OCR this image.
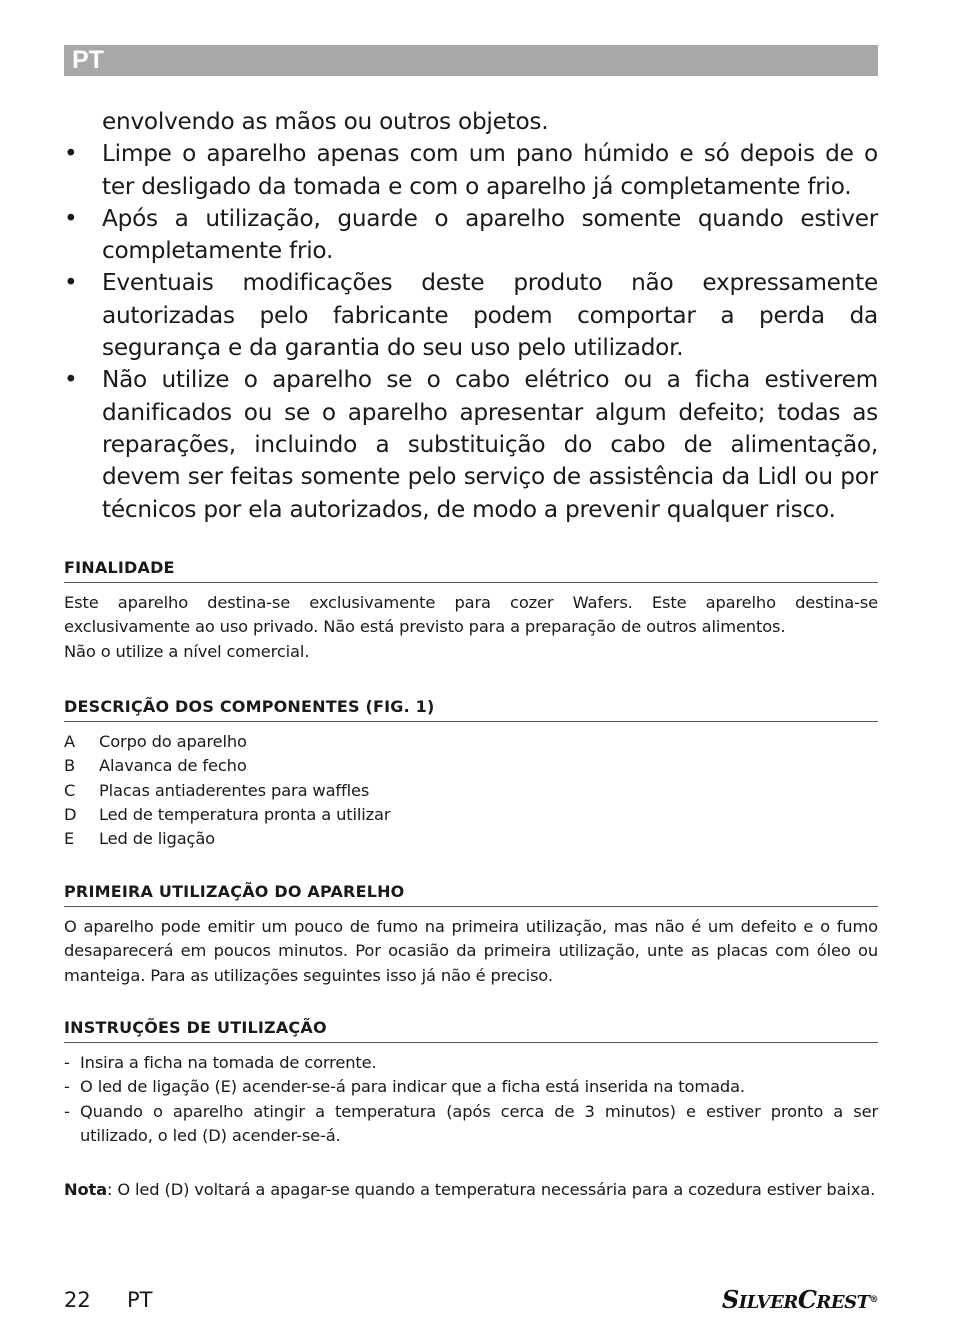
PT

envolvendo as mãos ou outros objetos.

• Limpe o aparelho apenas com um pano húmido e só depois de o ter desligado da tomada e com o aparelho já completamente frio.

• Após a utilização, guarde o aparelho somente quando estiver completamente frio.

• Eventuais modificações deste produto não expressamente autorizadas pelo fabricante podem comportar a perda da segurança e da garantia do seu uso pelo utilizador.

• Não utilize o aparelho se o cabo elétrico ou a ficha estiverem danificados ou se o aparelho apresentar algum defeito; todas as reparações, incluindo a substituição do cabo de alimentação, devem ser feitas somente pelo serviço de assistência da Lidl ou por técnicos por ela autorizados, de modo a prevenir qualquer risco.

FINALIDADE

Este aparelho destina-se exclusivamente para cozer Wafers. Este aparelho destina-se exclusivamente ao uso privado. Não está previsto para a preparação de outros alimentos.

Não o utilize a nível comercial.

DESCRIÇÃO DOS COMPONENTES (FIG. 1)
A	Corpo do aparelho
B	Alavanca de fecho
C	Placas antiaderentes para waffles
D	Led de temperatura pronta a utilizar
E	Led de ligação
PRIMEIRA UTILIZAÇÃO DO APARELHO

O aparelho pode emitir um pouco de fumo na primeira utilização, mas não é um defeito e o fumo desaparecerá em poucos minutos. Por ocasião da primeira utilização, unte as placas com óleo ou manteiga. Para as utilizações seguintes isso já não é preciso.

INSTRUÇÕES DE UTILIZAÇÃO
- Insira a ficha na tomada de corrente.
- O led de ligação (E) acender-se-á para indicar que a ficha está inserida na tomada.
- Quando o aparelho atingir a temperatura (após cerca de 3 minutos) e estiver pronto a ser utilizado, o led (D) acender-se-á.

Nota: O led (D) voltará a apagar-se quando a temperatura necessária para a cozedura estiver baixa.

22 PT	SILVERCREST®
